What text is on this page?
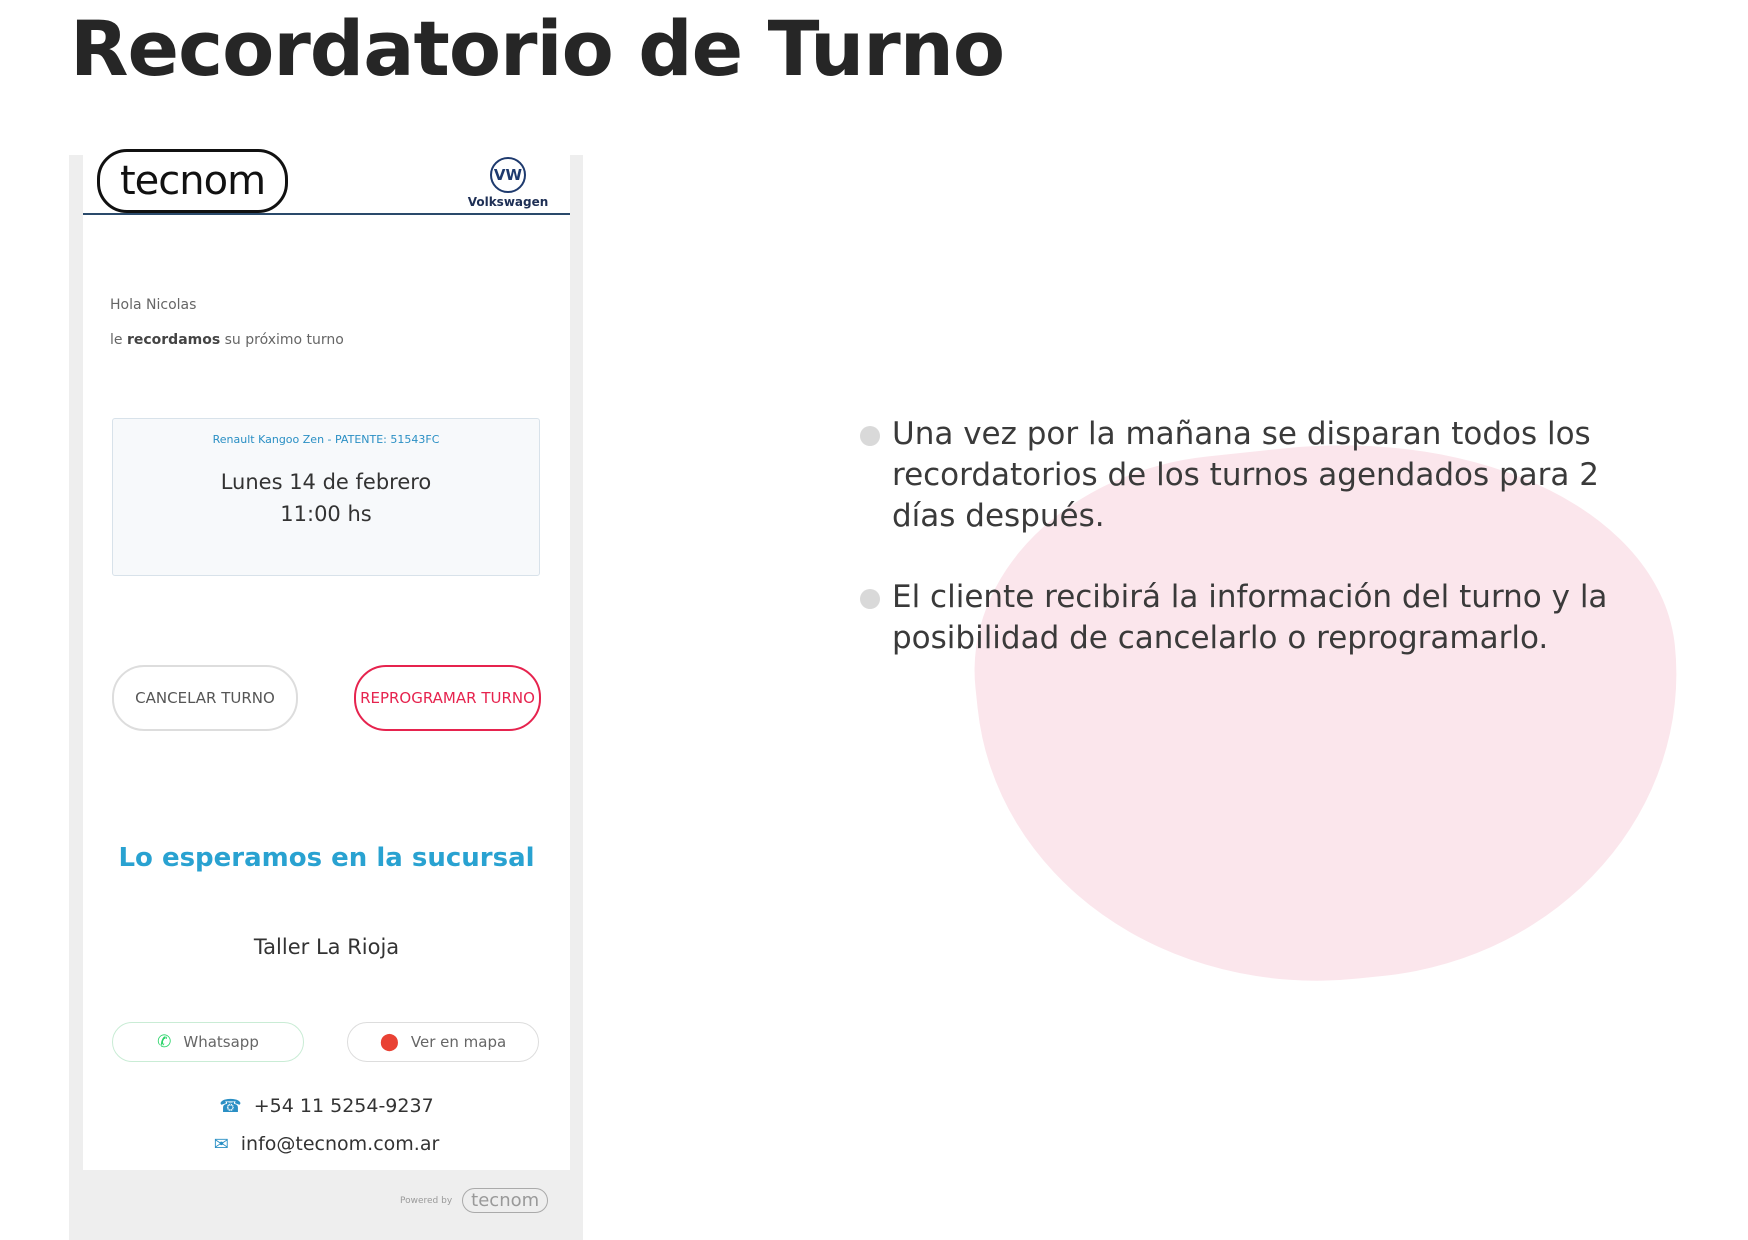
Recordatorio de Turno
Una vez por la mañana se disparan todos los recordatorios de los turnos agendados para 2 días después.
El cliente recibirá la información del turno y la posibilidad de cancelarlo o reprogramarlo.
tecnom	VW
Volkswagen
Hola Nicolas
le recordamos su próximo turno
Renault Kangoo Zen - PATENTE: 51543FC
Lunes 14 de febrero
11:00 hs
CANCELAR TURNO	REPROGRAMAR TURNO
Lo esperamos en la sucursal
Taller La Rioja
✆ Whatsapp	⬤ Ver en mapa
☎ +54 11 5254-9237
✉ info@tecnom.com.ar
Powered by	tecnom
